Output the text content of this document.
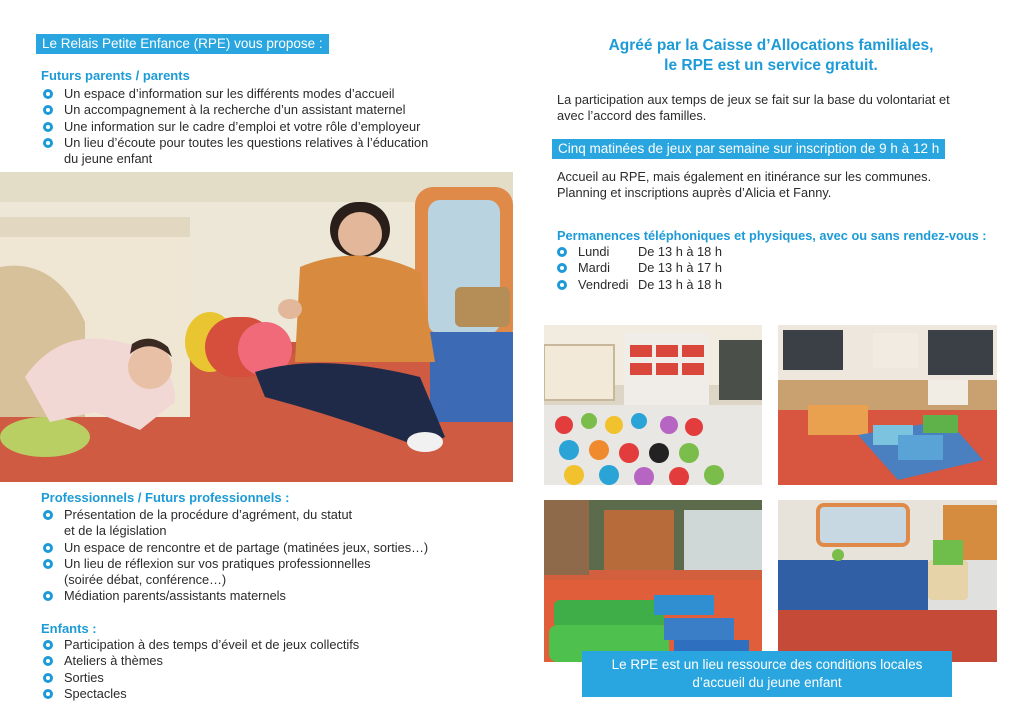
Le Relais Petite Enfance (RPE) vous propose :
Futurs parents / parents
Un espace d’information sur les différents modes d’accueil
Un accompagnement à la recherche d’un assistant maternel
Une information sur le cadre d’emploi et votre rôle d’employeur
Un lieu d’écoute pour toutes les questions relatives à l’éducation
du jeune enfant
Professionnels / Futurs professionnels :
Présentation de la procédure d’agrément, du statut
et de la législation
Un espace de rencontre et de partage (matinées jeux, sorties…)
Un lieu de réflexion sur vos pratiques professionnelles
(soirée débat, conférence…)
Médiation parents/assistants maternels
Enfants :
Participation à des temps d’éveil et de jeux collectifs
Ateliers à thèmes
Sorties
Spectacles
Agréé par la Caisse d’Allocations familiales,
le RPE est un service gratuit.
La participation aux temps de jeux se fait sur la base du volontariat et
avec l’accord des familles.
Cinq matinées de jeux par semaine sur inscription de 9 h à 12 h
Accueil au RPE, mais également en itinérance sur les communes.
Planning et inscriptions auprès d’Alicia et Fanny.
Permanences téléphoniques et physiques, avec ou sans rendez-vous :
Lundi De 13 h à 18 h
Mardi De 13 h à 17 h
Vendredi De 13 h à 18 h
Le RPE est un lieu ressource des conditions locales
d’accueil du jeune enfant
